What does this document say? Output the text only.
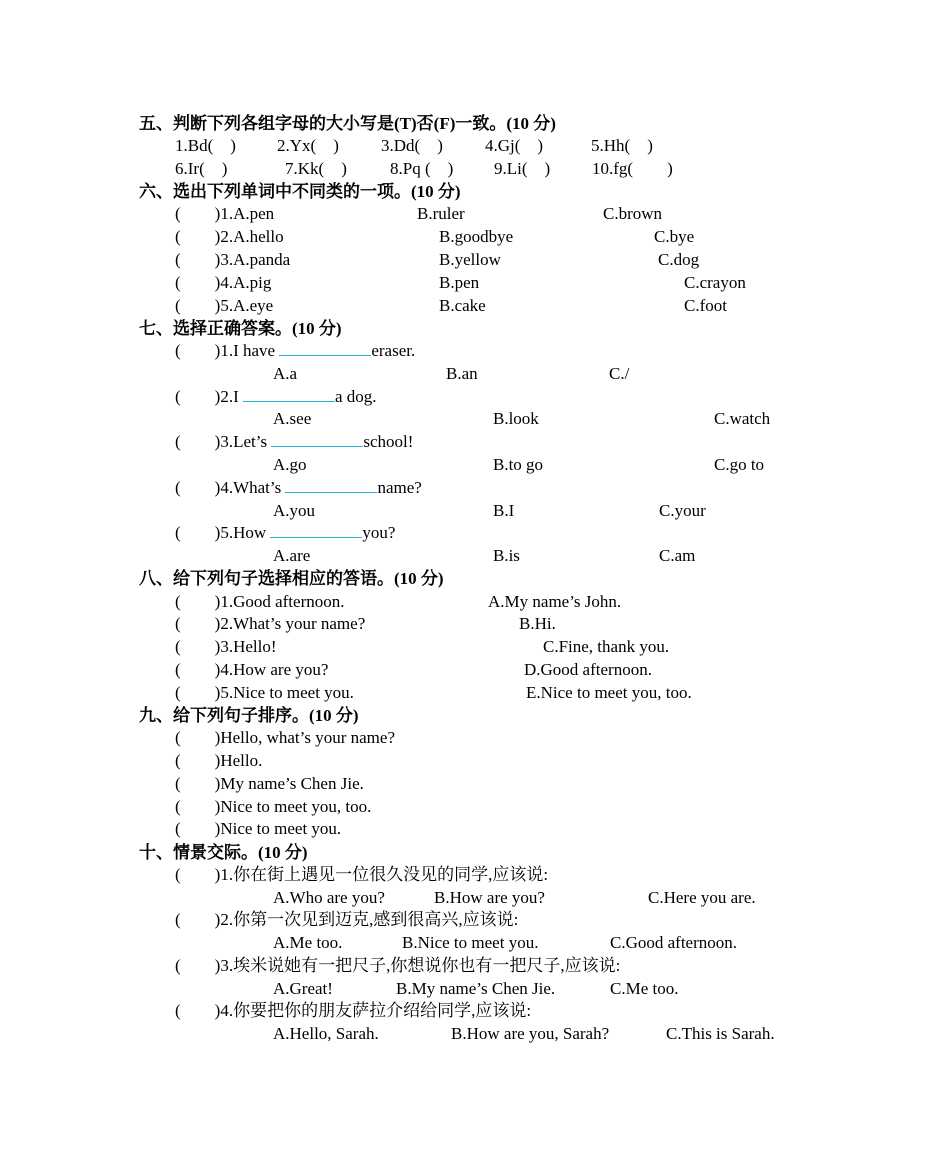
五、判断下列各组字母的大小写是(T)否(F)一致。(10 分)
1.Bd(　) 2.Yx(　) 3.Dd(　) 4.Gj(　)	5.Hh(　)
6.Ir(　)	7.Kk(　)	8.Pq (　) 9.Li(　) 10.fg(　　)
六、选出下列单词中不同类的一项。(10 分)
(　　)1.A.pen	B.ruler	C.brown
(　　)2.A.hello	B.goodbye	C.bye
(　　)3.A.panda	B.yellow	C.dog
(　　)4.A.pig	B.pen	C.crayon
(　　)5.A.eye	B.cake	C.foot
七、选择正确答案。(10 分)
(　　)1.I have	eraser.
A.a	B.an	C./
(　　)2.I	a dog.
A.see	B.look	C.watch
(　　)3.Let’s	school!
A.go	B.to go	C.go to
(　　)4.What’s	name?
A.you	B.I	C.your
(　　)5.How	you?
A.are	B.is	C.am
八、给下列句子选择相应的答语。(10 分)
(　　)1.Good afternoon.	A.My name’s John.
(　　)2.What’s your name?	B.Hi.
(　　)3.Hello!	C.Fine, thank you.
(　　)4.How are you?	D.Good afternoon.
(　　)5.Nice to meet you.	E.Nice to meet you, too.
九、给下列句子排序。(10 分)
(　　)Hello, what’s your name?
(　　)Hello.
(　　)My name’s Chen Jie.
(　　)Nice to meet you, too.
(　　)Nice to meet you.
十、情景交际。(10 分)
(　　)1.你在街上遇见一位很久没见的同学,应该说:
A.Who are you?	B.How are you?	C.Here you are.
(　　)2.你第一次见到迈克,感到很高兴,应该说:
A.Me too.	B.Nice to meet you.	C.Good afternoon.
(　　)3.埃米说她有一把尺子,你想说你也有一把尺子,应该说:
A.Great!	B.My name’s Chen Jie.	C.Me too.
(　　)4.你要把你的朋友萨拉介绍给同学,应该说:
A.Hello, Sarah.	B.How are you, Sarah?	C.This is Sarah.
